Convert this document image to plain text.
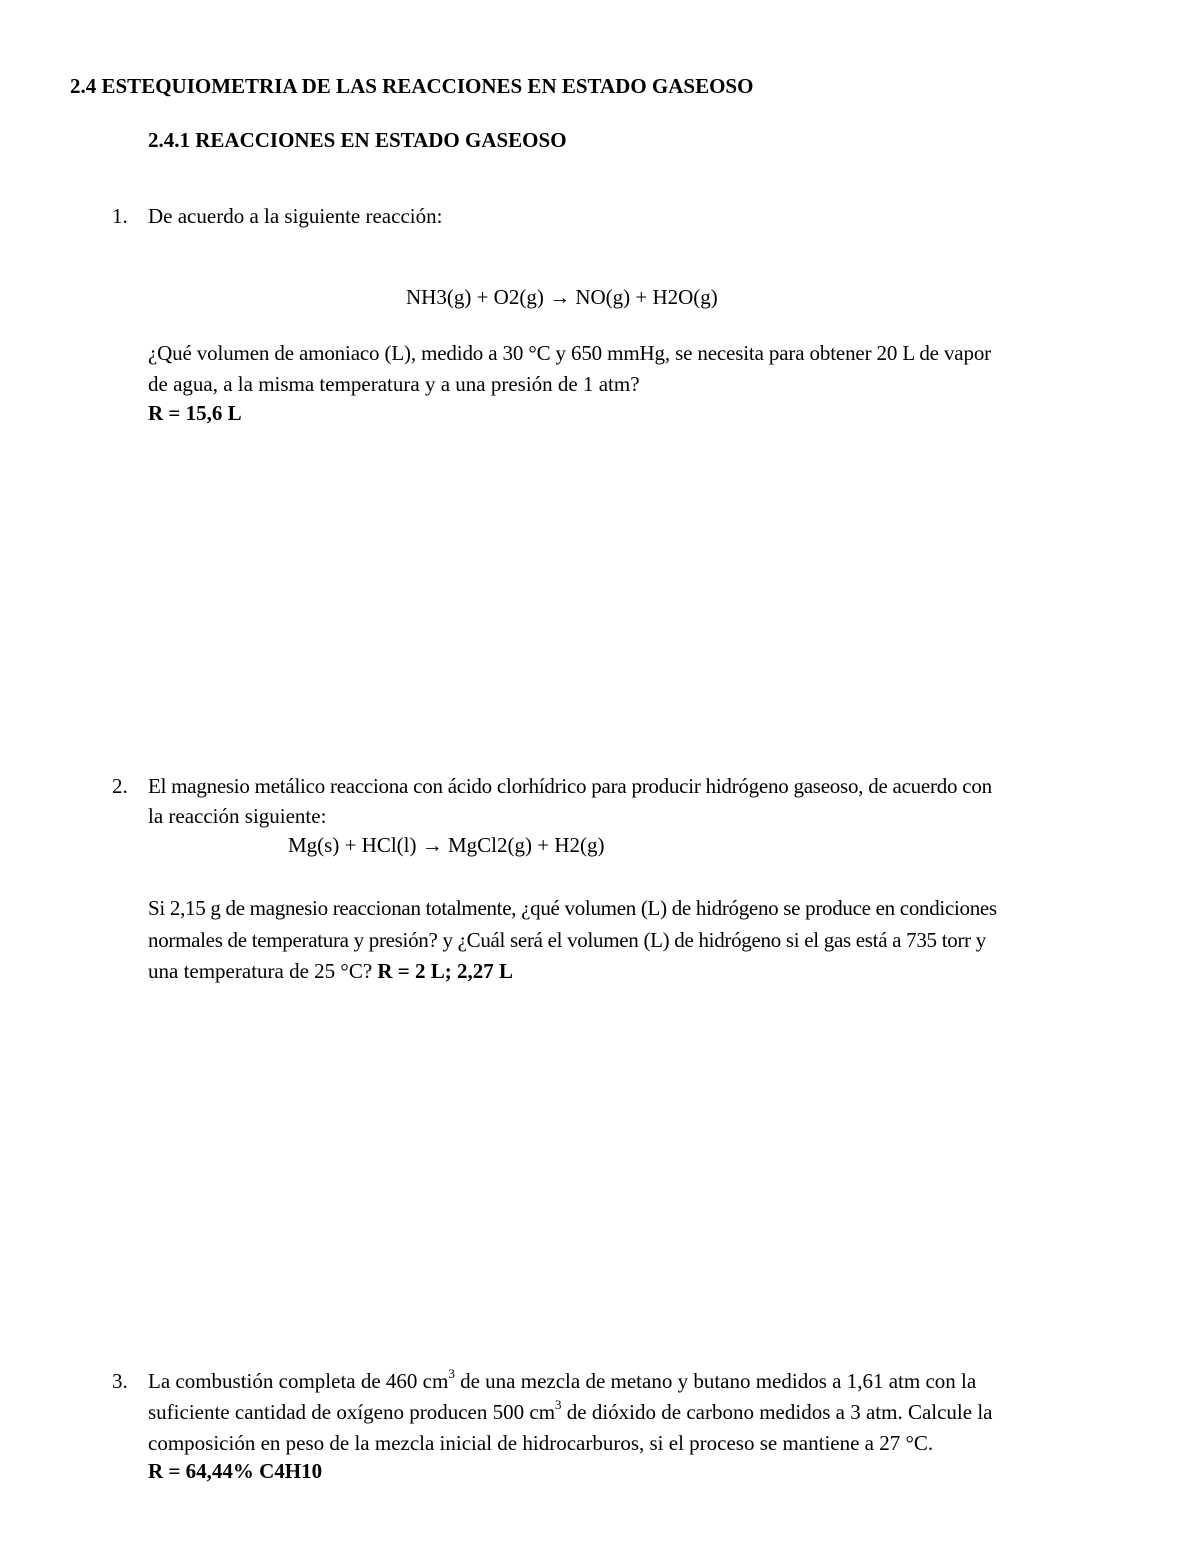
2.4 ESTEQUIOMETRIA DE LAS REACCIONES EN ESTADO GASEOSO
2.4.1 REACCIONES EN ESTADO GASEOSO
1. De acuerdo a la siguiente reacción:
NH3(g) + O2(g) → NO(g) + H2O(g)
¿Qué volumen de amoniaco (L), medido a 30 °C y 650 mmHg, se necesita para obtener 20 L de vapor
de agua, a la misma temperatura y a una presión de 1 atm?
R = 15,6 L
2. El magnesio metálico reacciona con ácido clorhídrico para producir hidrógeno gaseoso, de acuerdo con
la reacción siguiente:
Mg(s) + HCl(l) → MgCl2(g) + H2(g)
Si 2,15 g de magnesio reaccionan totalmente, ¿qué volumen (L) de hidrógeno se produce en condiciones
normales de temperatura y presión? y ¿Cuál será el volumen (L) de hidrógeno si el gas está a 735 torr y
una temperatura de 25 °C? R = 2 L; 2,27 L
3. La combustión completa de 460 $cm^3$ de una mezcla de metano y butano medidos a 1,61 atm con la
suficiente cantidad de oxígeno producen 500 $cm^3$ de dióxido de carbono medidos a 3 atm. Calcule la
composición en peso de la mezcla inicial de hidrocarburos, si el proceso se mantiene a 27 °C.
R = 64,44% C4H10
